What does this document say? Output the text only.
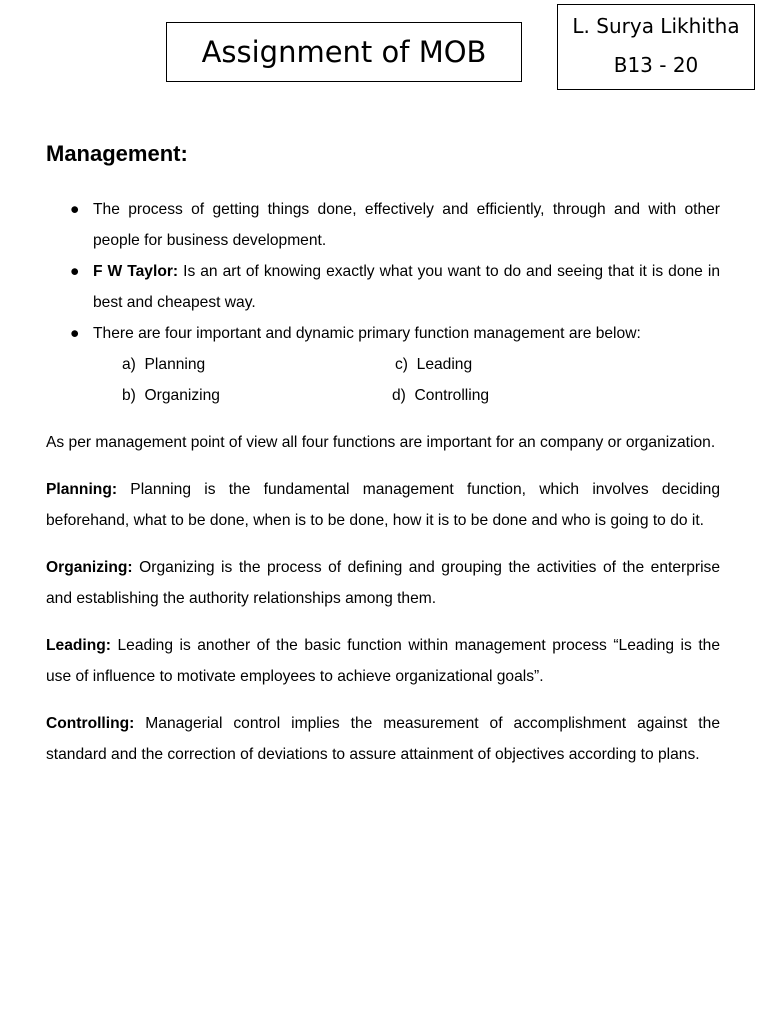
Assignment of MOB
L. Surya Likhitha
B13 - 20
Management:
● The process of getting things done, effectively and efficiently, through and with other people for business development.
● F W Taylor: Is an art of knowing exactly what you want to do and seeing that it is done in best and cheapest way.
● There are four important and dynamic primary function management are below:
a)  Planning
b)  Organizing
c)  Leading
d)  Controlling

As per management point of view all four functions are important for an company or organization.

Planning: Planning is the fundamental management function, which involves deciding beforehand, what to be done, when is to be done, how it is to be done and who is going to do it.

Organizing: Organizing is the process of defining and grouping the activities of the enterprise and establishing the authority relationships among them.

Leading: Leading is another of the basic function within management process “Leading is the use of influence to motivate employees to achieve organizational goals”.

Controlling: Managerial control implies the measurement of accomplishment against the standard and the correction of deviations to assure attainment of objectives according to plans.
